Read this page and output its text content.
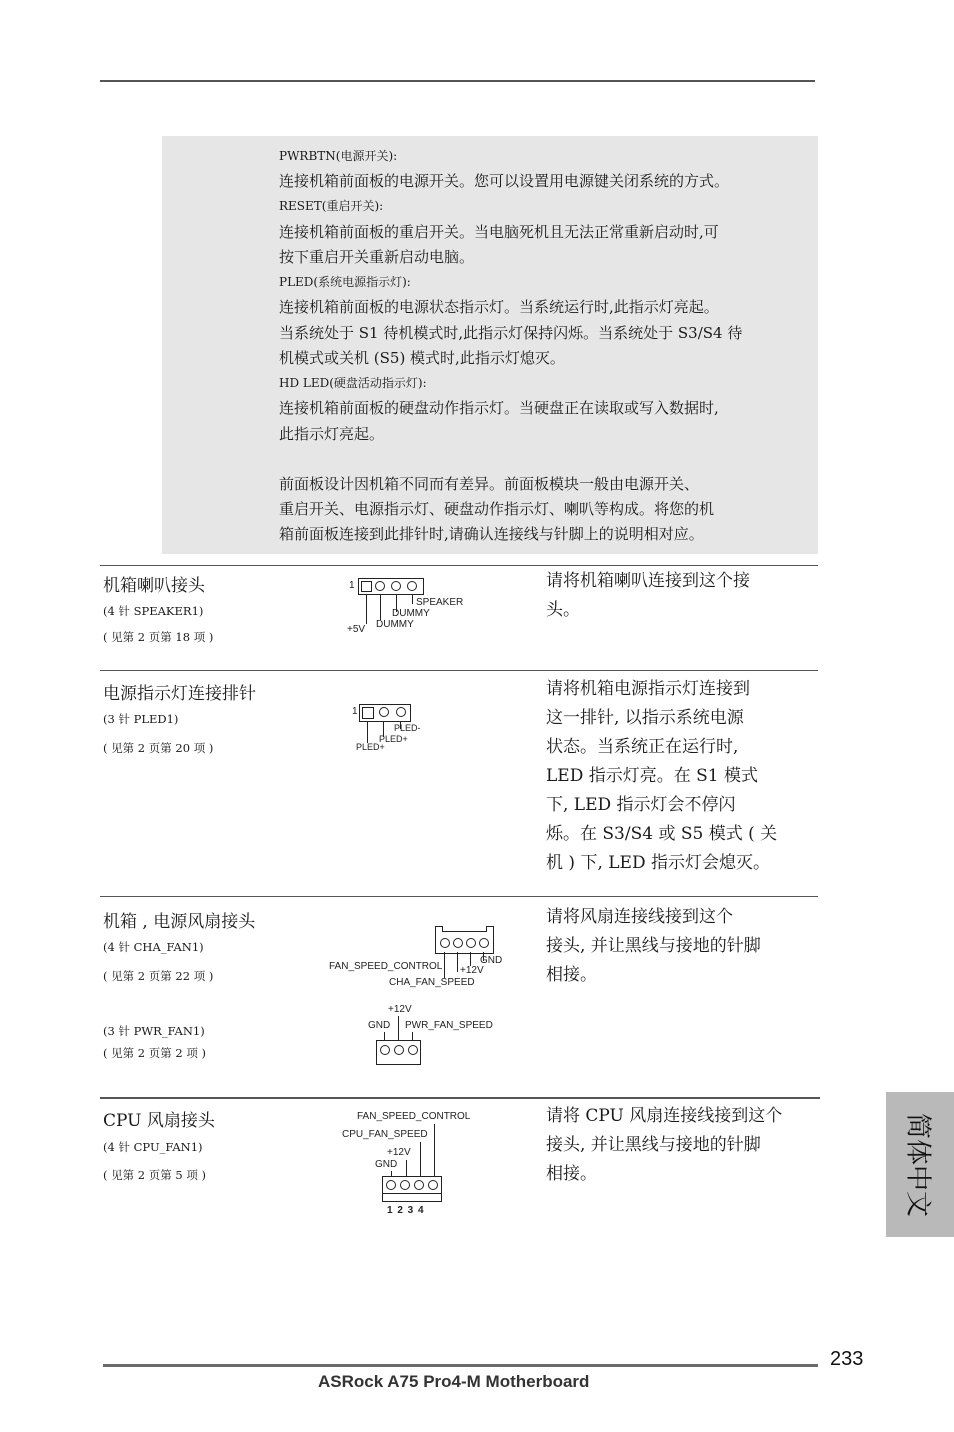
PWRBTN(电源开关):
连接机箱前面板的电源开关。您可以设置用电源键关闭系统的方式。
RESET(重启开关):
连接机箱前面板的重启开关。当电脑死机且无法正常重新启动时,可
按下重启开关重新启动电脑。
PLED(系统电源指示灯):
连接机箱前面板的电源状态指示灯。当系统运行时,此指示灯亮起。
当系统处于 S1 待机模式时,此指示灯保持闪烁。当系统处于 S3/S4 待
机模式或关机 (S5) 模式时,此指示灯熄灭。
HD LED(硬盘活动指示灯):
连接机箱前面板的硬盘动作指示灯。当硬盘正在读取或写入数据时,
此指示灯亮起。
前面板设计因机箱不同而有差异。前面板模块一般由电源开关、
重启开关、电源指示灯、硬盘动作指示灯、喇叭等构成。将您的机
箱前面板连接到此排针时,请确认连接线与针脚上的说明相对应。
机箱喇叭接头
(4 针 SPEAKER1)
( 见第 2 页第 18 项 )
请将机箱喇叭连接到这个接
头。
1
SPEAKER
DUMMY
DUMMY
+5V
电源指示灯连接排针
(3 针 PLED1)
( 见第 2 页第 20 项 )
请将机箱电源指示灯连接到
这一排针, 以指示系统电源
状态。当系统正在运行时,
LED 指示灯亮。在 S1 模式
下, LED 指示灯会不停闪
烁。在 S3/S4 或 S5 模式 ( 关
机 ) 下, LED 指示灯会熄灭。
1
PLED-
PLED+
PLED+
机箱 , 电源风扇接头
(4 针 CHA_FAN1)
( 见第 2 页第 22 项 )
(3 针 PWR_FAN1)
( 见第 2 页第 2 项 )
请将风扇连接线接到这个
接头, 并让黑线与接地的针脚
相接。
GND
+12V
FAN_SPEED_CONTROL
CHA_FAN_SPEED
+12V
GND PWR_FAN_SPEED
CPU 风扇接头
(4 针 CPU_FAN1)
( 见第 2 页第 5 项 )
请将 CPU 风扇连接线接到这个
接头, 并让黑线与接地的针脚
相接。
FAN_SPEED_CONTROL
CPU_FAN_SPEED
+12V
GND
1 2 3 4	简体中文
233
ASRock A75 Pro4-M Motherboard
